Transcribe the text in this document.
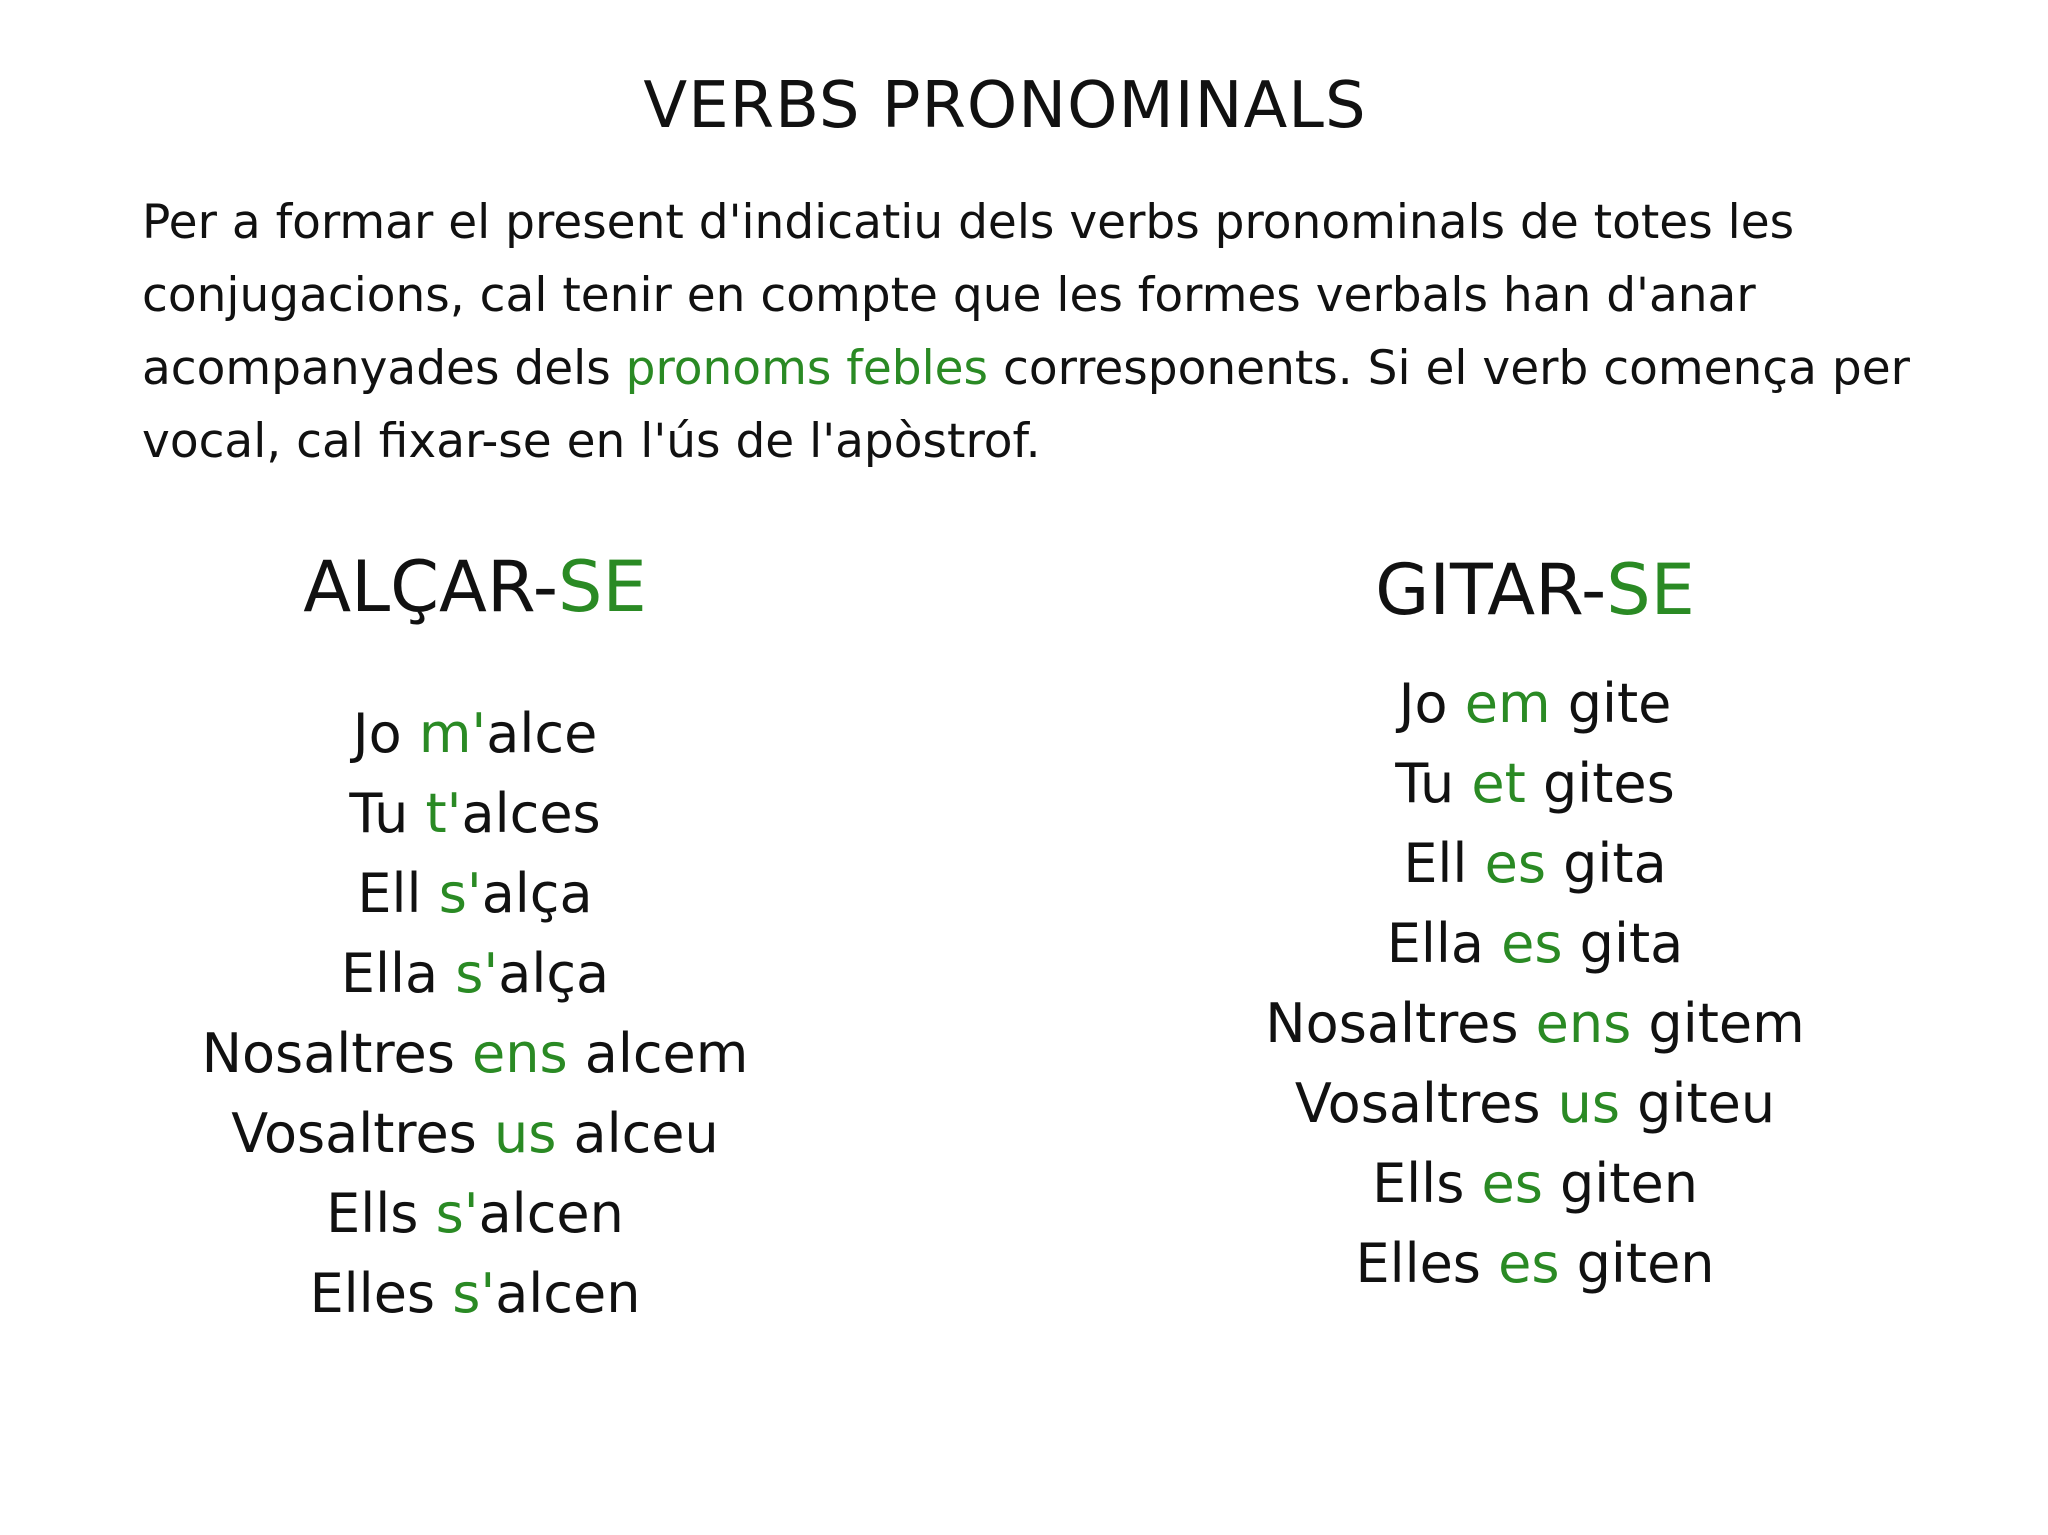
VERBS PRONOMINALS

Per a formar el present d'indicatiu dels verbs pronominals de totes les
conjugacions, cal tenir en compte que les formes verbals han d'anar
acompanyades dels pronoms febles corresponents. Si el verb comença per
vocal, cal fixar-se en l'ús de l'apòstrof.

ALÇAR-SE
Jo m'alce
Tu t'alces
Ell s'alça
Ella s'alça
Nosaltres ens alcem
Vosaltres us alceu
Ells s'alcen
Elles s'alcen
GITAR-SE
Jo em gite
Tu et gites
Ell es gita
Ella es gita
Nosaltres ens gitem
Vosaltres us giteu
Ells es giten
Elles es giten
